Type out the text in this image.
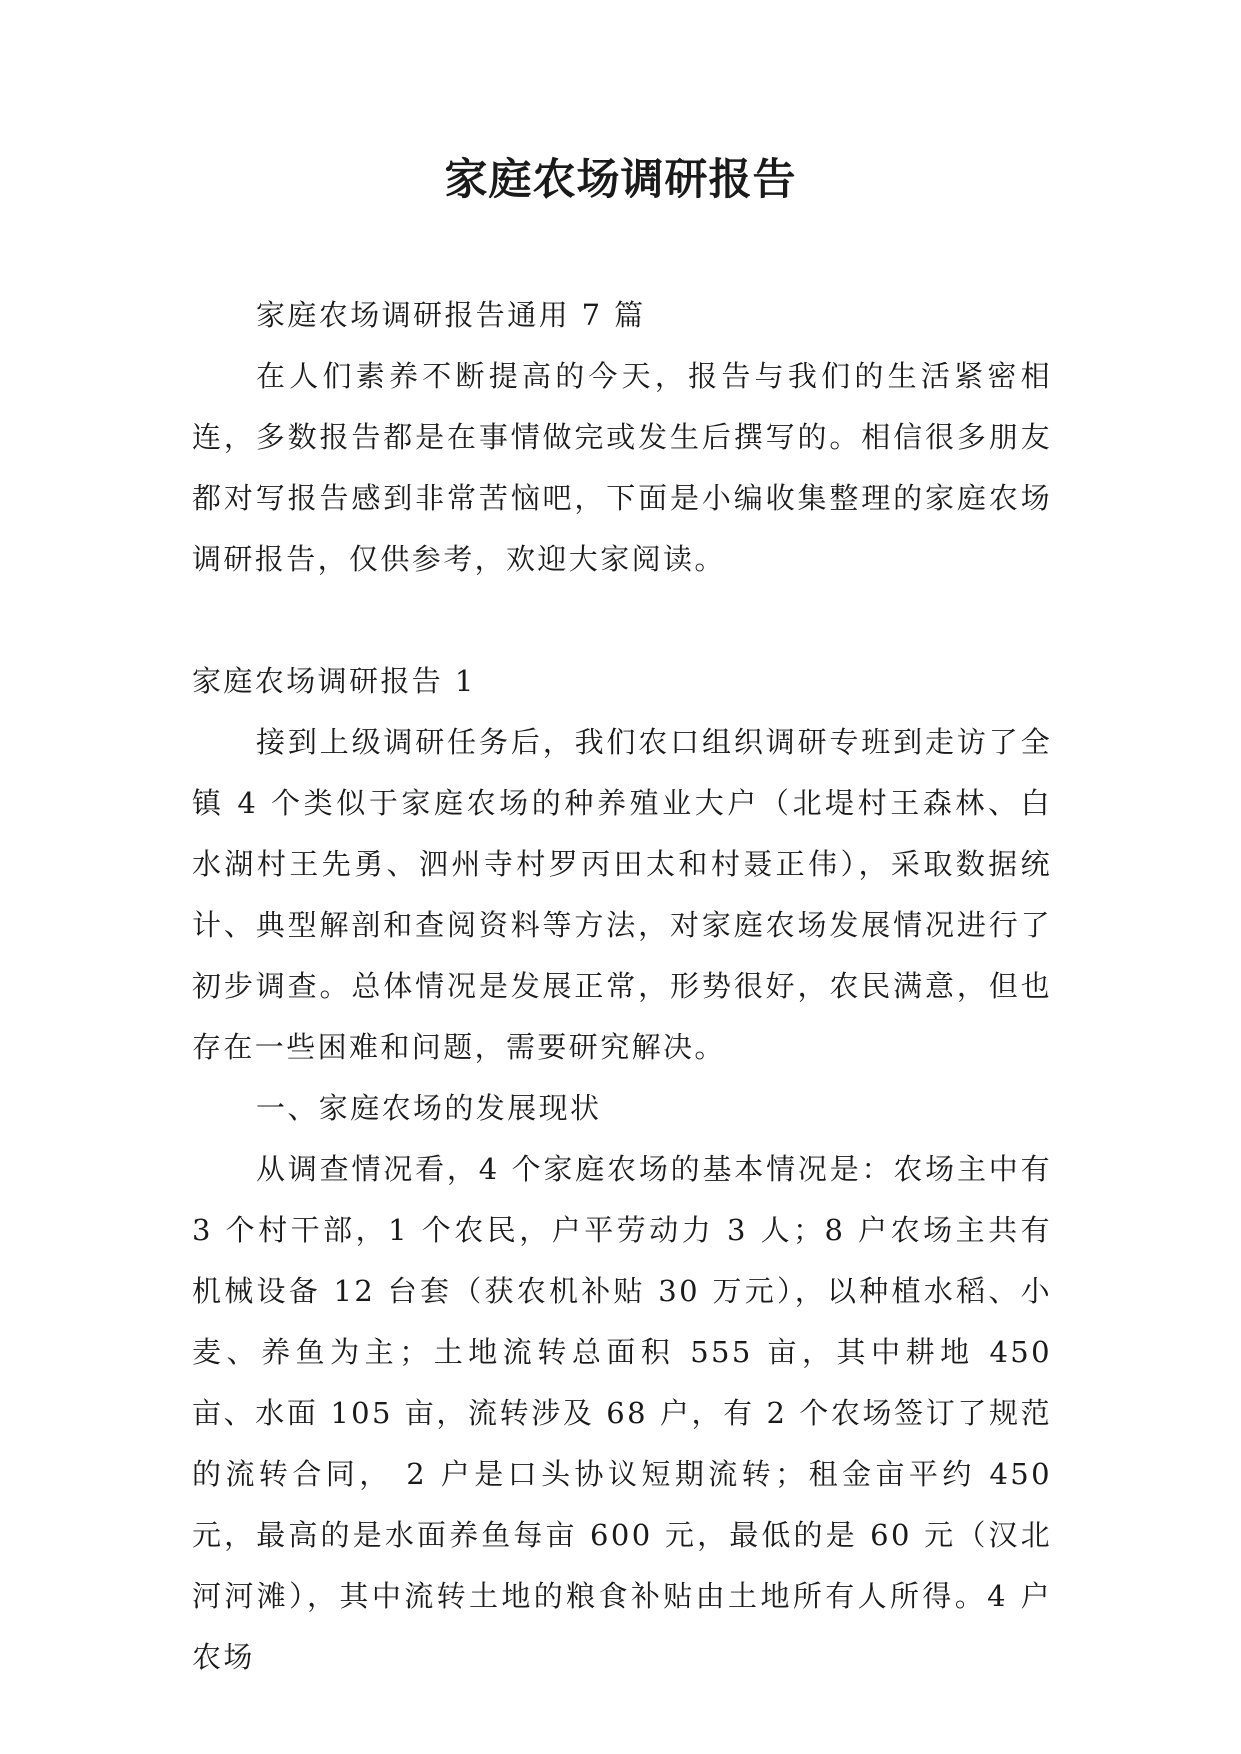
家庭农场调研报告

家庭农场调研报告通用 7 篇

在人们素养不断提高的今天，报告与我们的生活紧密相连，多数报告都是在事情做完或发生后撰写的。相信很多朋友都对写报告感到非常苦恼吧，下面是小编收集整理的家庭农场调研报告，仅供参考，欢迎大家阅读。

家庭农场调研报告 1

接到上级调研任务后，我们农口组织调研专班到走访了全镇 4 个类似于家庭农场的种养殖业大户（北堤村王森林、白水湖村王先勇、泗州寺村罗丙田太和村聂正伟），采取数据统计、典型解剖和查阅资料等方法，对家庭农场发展情况进行了初步调查。总体情况是发展正常，形势很好，农民满意，但也存在一些困难和问题，需要研究解决。

一、家庭农场的发展现状

从调查情况看，4 个家庭农场的基本情况是：农场主中有 3 个村干部，1 个农民，户平劳动力 3 人；8 户农场主共有机械设备 12 台套（获农机补贴 30 万元），以种植水稻、小麦、养鱼为主；土地流转总面积 555 亩，其中耕地 450 亩、水面 105 亩，流转涉及 68 户，有 2 个农场签订了规范的流转合同， 2 户是口头协议短期流转；租金亩平约 450 元，最高的是水面养鱼每亩 600 元，最低的是 60 元（汉北河河滩），其中流转土地的粮食补贴由土地所有人所得。4 户农场
